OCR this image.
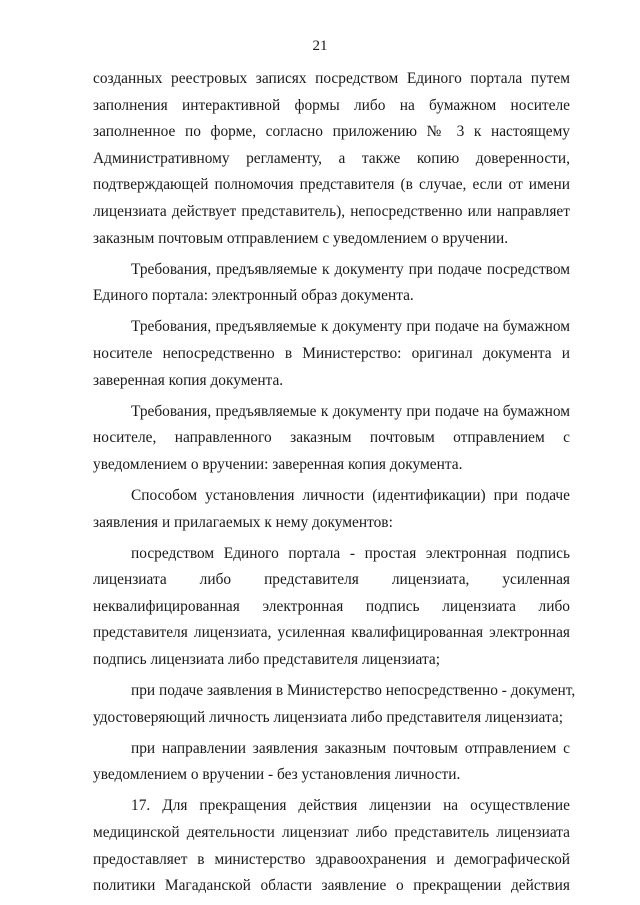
21
созданных реестровых записях посредством Единого портала путем
заполнения интерактивной формы либо на бумажном носителе
заполненное по форме, согласно приложению № 3 к настоящему
Административному регламенту, а также копию доверенности,
подтверждающей полномочия представителя (в случае, если от имени
лицензиата действует представитель), непосредственно или направляет
заказным почтовым отправлением с уведомлением о вручении.
Требования, предъявляемые к документу при подаче посредством
Единого портала: электронный образ документа.
Требования, предъявляемые к документу при подаче на бумажном
носителе непосредственно в Министерство: оригинал документа и
заверенная копия документа.
Требования, предъявляемые к документу при подаче на бумажном
носителе, направленного заказным почтовым отправлением с
уведомлением о вручении: заверенная копия документа.
Способом установления личности (идентификации) при подаче
заявления и прилагаемых к нему документов:
посредством Единого портала - простая электронная подпись
лицензиата либо представителя лицензиата, усиленная
неквалифицированная электронная подпись лицензиата либо
представителя лицензиата, усиленная квалифицированная электронная
подпись лицензиата либо представителя лицензиата;
при подаче заявления в Министерство непосредственно - документ,
удостоверяющий личность лицензиата либо представителя лицензиата;
при направлении заявления заказным почтовым отправлением с
уведомлением о вручении - без установления личности.
17. Для прекращения действия лицензии на осуществление
медицинской деятельности лицензиат либо представитель лицензиата
предоставляет в министерство здравоохранения и демографической
политики Магаданской области заявление о прекращении действия
